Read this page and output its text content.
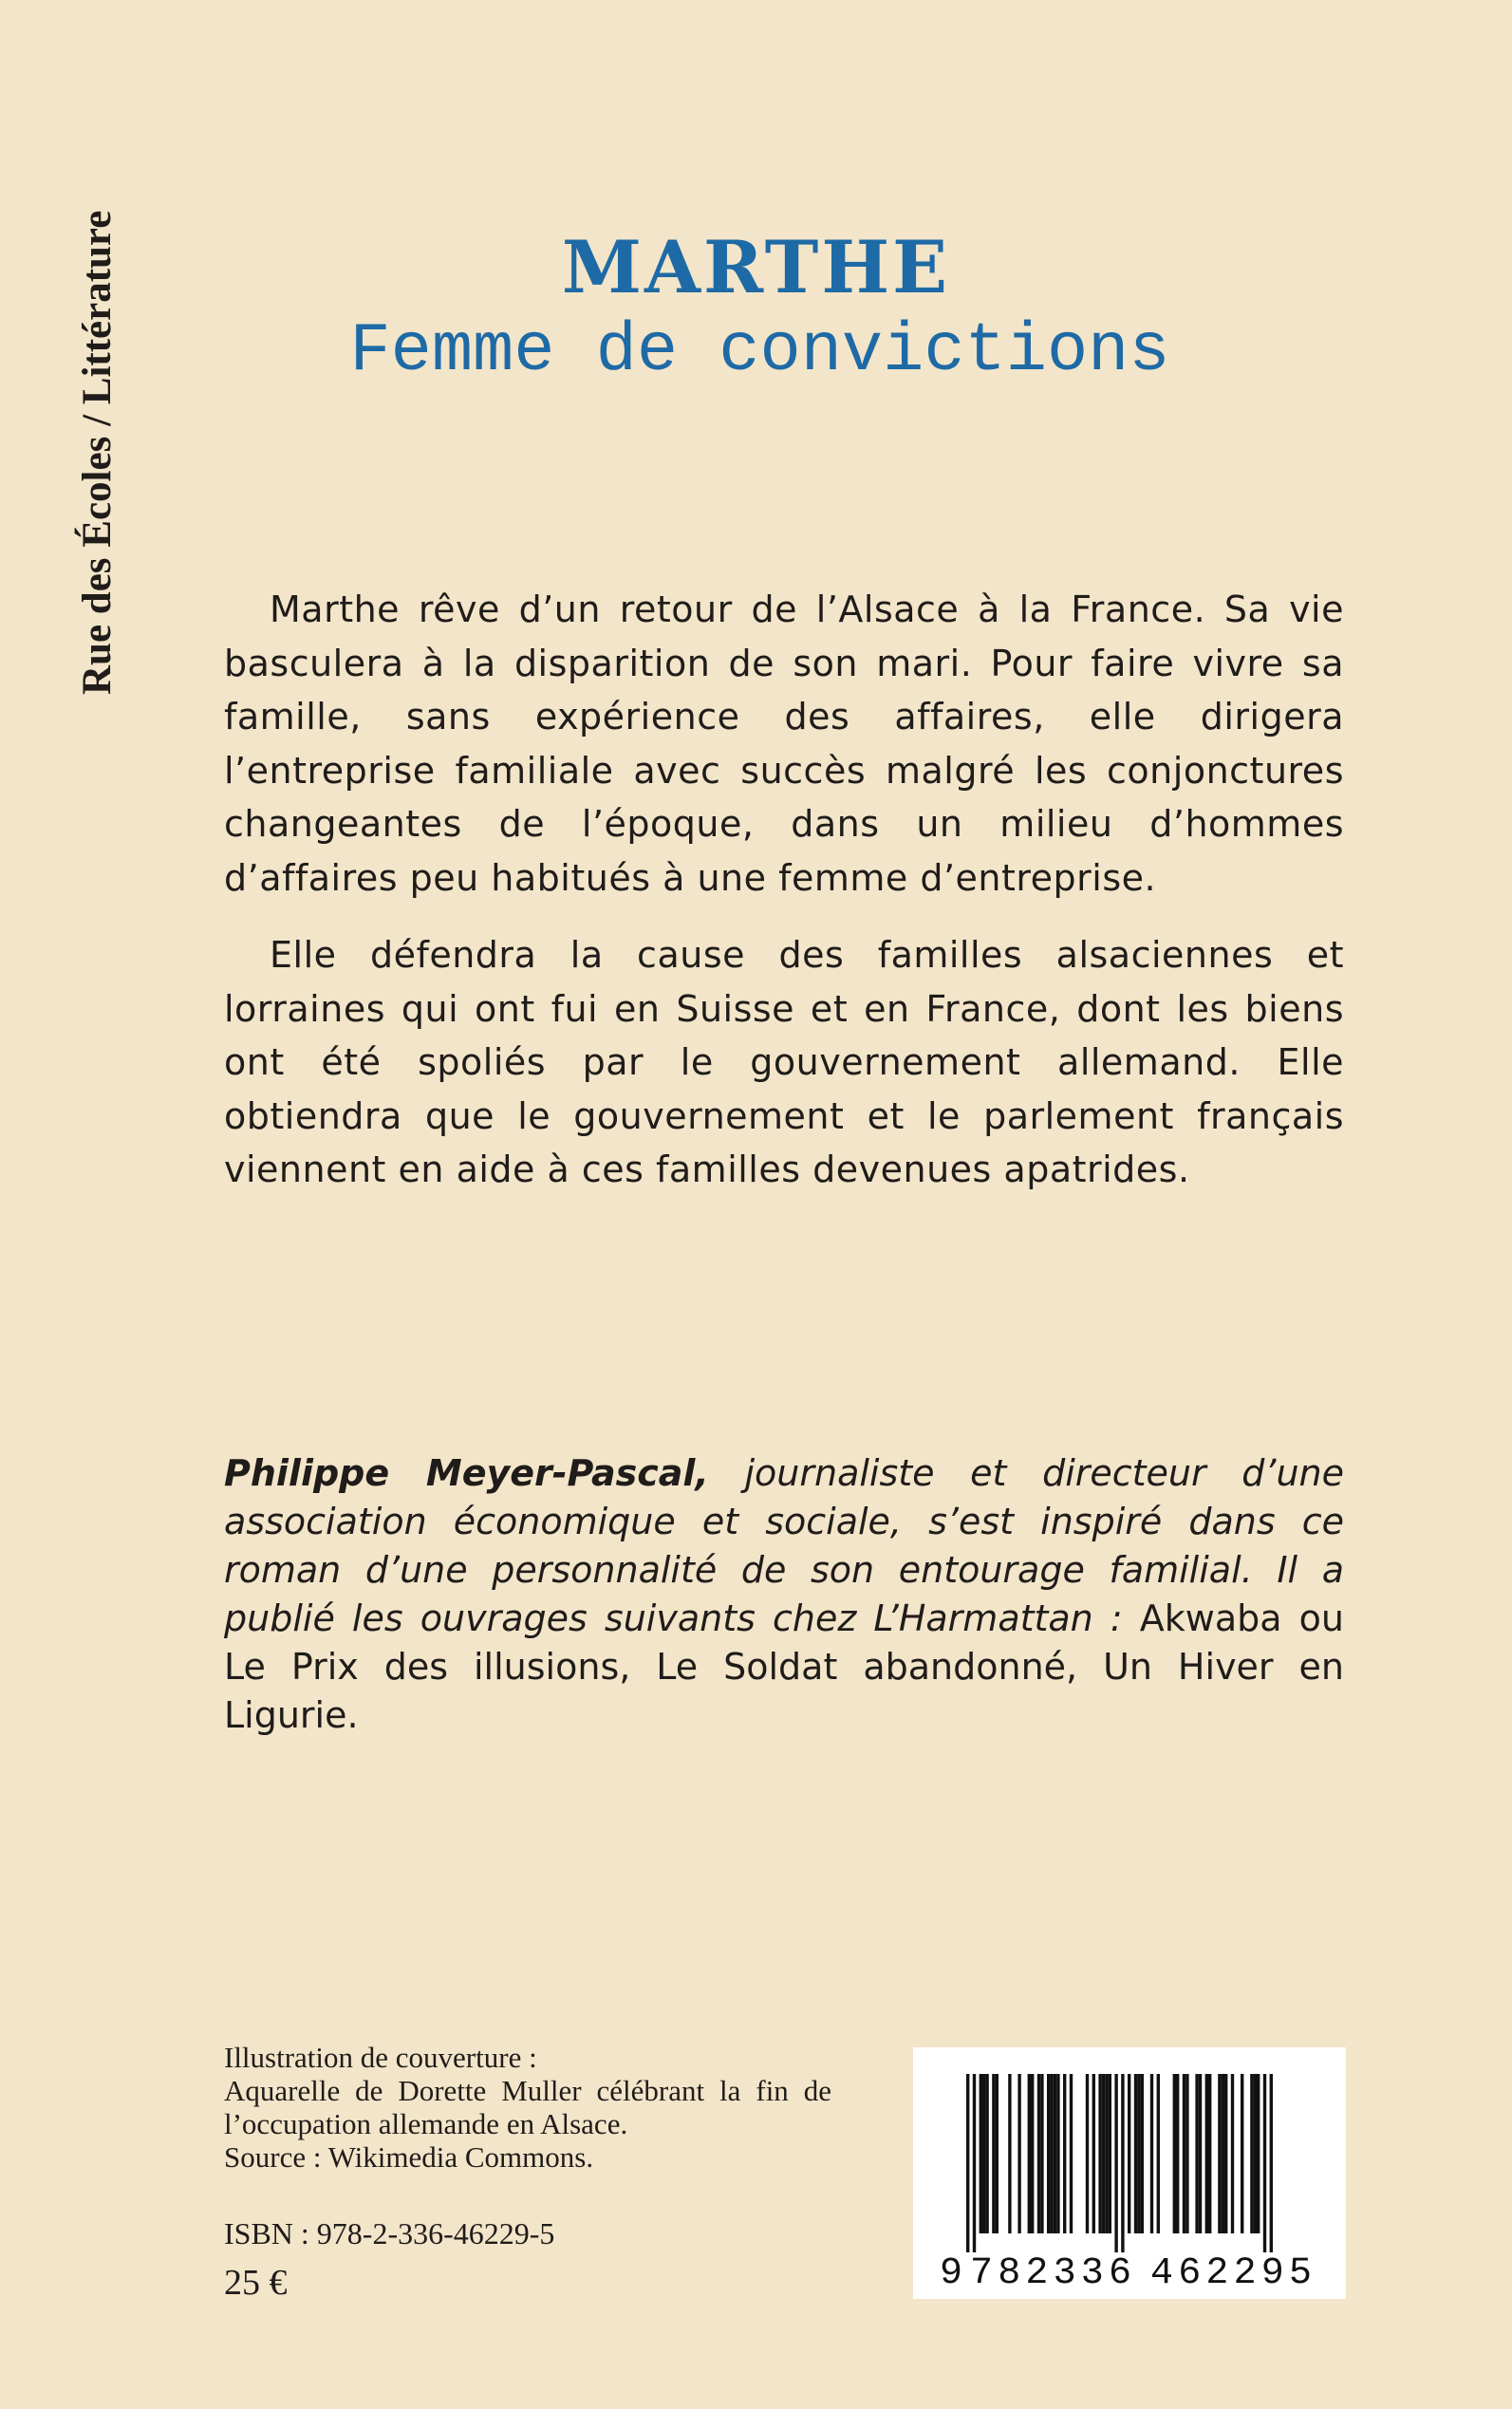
Rue des Écoles / Littérature	MARTHE
Femme de convictions

Marthe rêve d’un retour de l’Alsace à la France. Sa vie basculera à la disparition de son mari. Pour faire vivre sa famille, sans expérience des affaires, elle dirigera l’entreprise familiale avec succès malgré les conjonctures changeantes de l’époque, dans un milieu d’hommes d’affaires peu habitués à une femme d’entreprise.

Elle défendra la cause des familles alsaciennes et lorraines qui ont fui en Suisse et en France, dont les biens ont été spoliés par le gouvernement allemand. Elle obtiendra que le gouvernement et le parlement français viennent en aide à ces familles devenues apatrides.

Philippe Meyer-Pascal, journaliste et directeur d’une association économique et sociale, s’est inspiré dans ce roman d’une personnalité de son entourage familial. Il a publié les ouvrages suivants chez L’Harmattan : Akwaba ou Le Prix des illusions, Le Soldat abandonné, Un Hiver en Ligurie.

Illustration de couverture :
Aquarelle de Dorette Muller célébrant la fin de l’occupation allemande en Alsace.
Source : Wikimedia Commons.
ISBN : 978-2-336-46229-5
25 €	9 782336 462295
